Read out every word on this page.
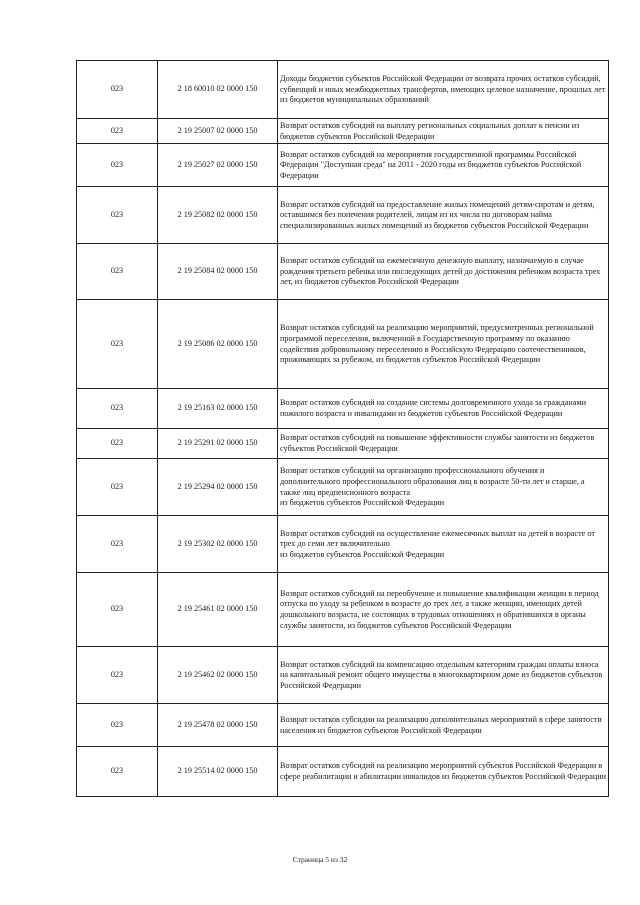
023	2 18 60010 02 0000 150	Доходы бюджетов субъектов Российской Федерации от возврата прочих остатков субсидий, субвенций и иных межбюджетных трансфертов, имеющих целевое назначение, прошлых лет из бюджетов муниципальных образований

023	2 19 25007 02 0000 150	Возврат остатков субсидий на выплату региональных социальных доплат к пенсии из бюджетов субъектов Российской Федерации

023	2 19 25027 02 0000 150	Возврат остатков субсидий на мероприятия государственной программы Российской Федерации "Доступная среда" на 2011 - 2020 годы из бюджетов субъектов Российской Федерации

023	2 19 25082 02 0000 150	Возврат остатков субсидий на предоставление жилых помещений детям-сиротам и детям, оставшимся без попечения родителей, лицам из их числа по договорам найма специализированных жилых помещений из бюджетов субъектов Российской Федерации

023	2 19 25084 02 0000 150	Возврат остатков субсидий на ежемесячную денежную выплату, назначаемую в случае рождения третьего ребенка или последующих детей до достижения ребенком возраста трех лет, из бюджетов субъектов Российской Федерации

023	2 19 25086 02 0000 150	Возврат остатков субсидий на реализацию мероприятий, предусмотренных региональной программой переселения, включенной в Государственную программу по оказанию содействия добровольному переселению в Российскую Федерацию соотечественников, проживающих за рубежом, из бюджетов субъектов Российской Федерации

023	2 19 25163 02 0000 150	Возврат остатков субсидий на создание системы долговременного ухода за гражданами пожилого возраста и инвалидами из бюджетов субъектов Российской Федерации

023	2 19 25291 02 0000 150	Возврат остатков субсидий на повышение эффективности службы занятости из бюджетов субъектов Российской Федерации

023	2 19 25294 02 0000 150	Возврат остатков субсидий на организацию профессионального обучения и дополнительного профессионального образования лиц в возрасте 50-ти лет и старше, а также лиц предпенсионного возраста
из бюджетов субъектов Российской Федерации

023	2 19 25302 02 0000 150	Возврат остатков субсидий на осуществление ежемесячных выплат на детей в возрасте от трех до семи лет включительно
из бюджетов субъектов Российской Федерации

023	2 19 25461 02 0000 150	Возврат остатков субсидий на переобучение и повышение квалификации женщин в период отпуска по уходу за ребенком в возрасте до трех лет, а также женщин, имеющих детей дошкольного возраста, не состоящих в трудовых отношениях и обратившихся в органы службы занятости, из бюджетов субъектов Российской Федерации

023	2 19 25462 02 0000 150	Возврат остатков субсидий на компенсацию отдельным категориям граждан оплаты взноса на капитальный ремонт общего имущества в многоквартирном доме из бюджетов субъектов Российской Федерации

023	2 19 25478 02 0000 150	Возврат остатков субсидии на реализацию дополнительных мероприятий в сфере занятости населения из бюджетов субъектов Российской Федерации

023	2 19 25514 02 0000 150	Возврат остатков субсидий на реализацию мероприятий субъектов Российской Федерации в сфере реабилитации и абилитации инвалидов из бюджетов субъектов Российской Федерации
Страница 5 из 32
